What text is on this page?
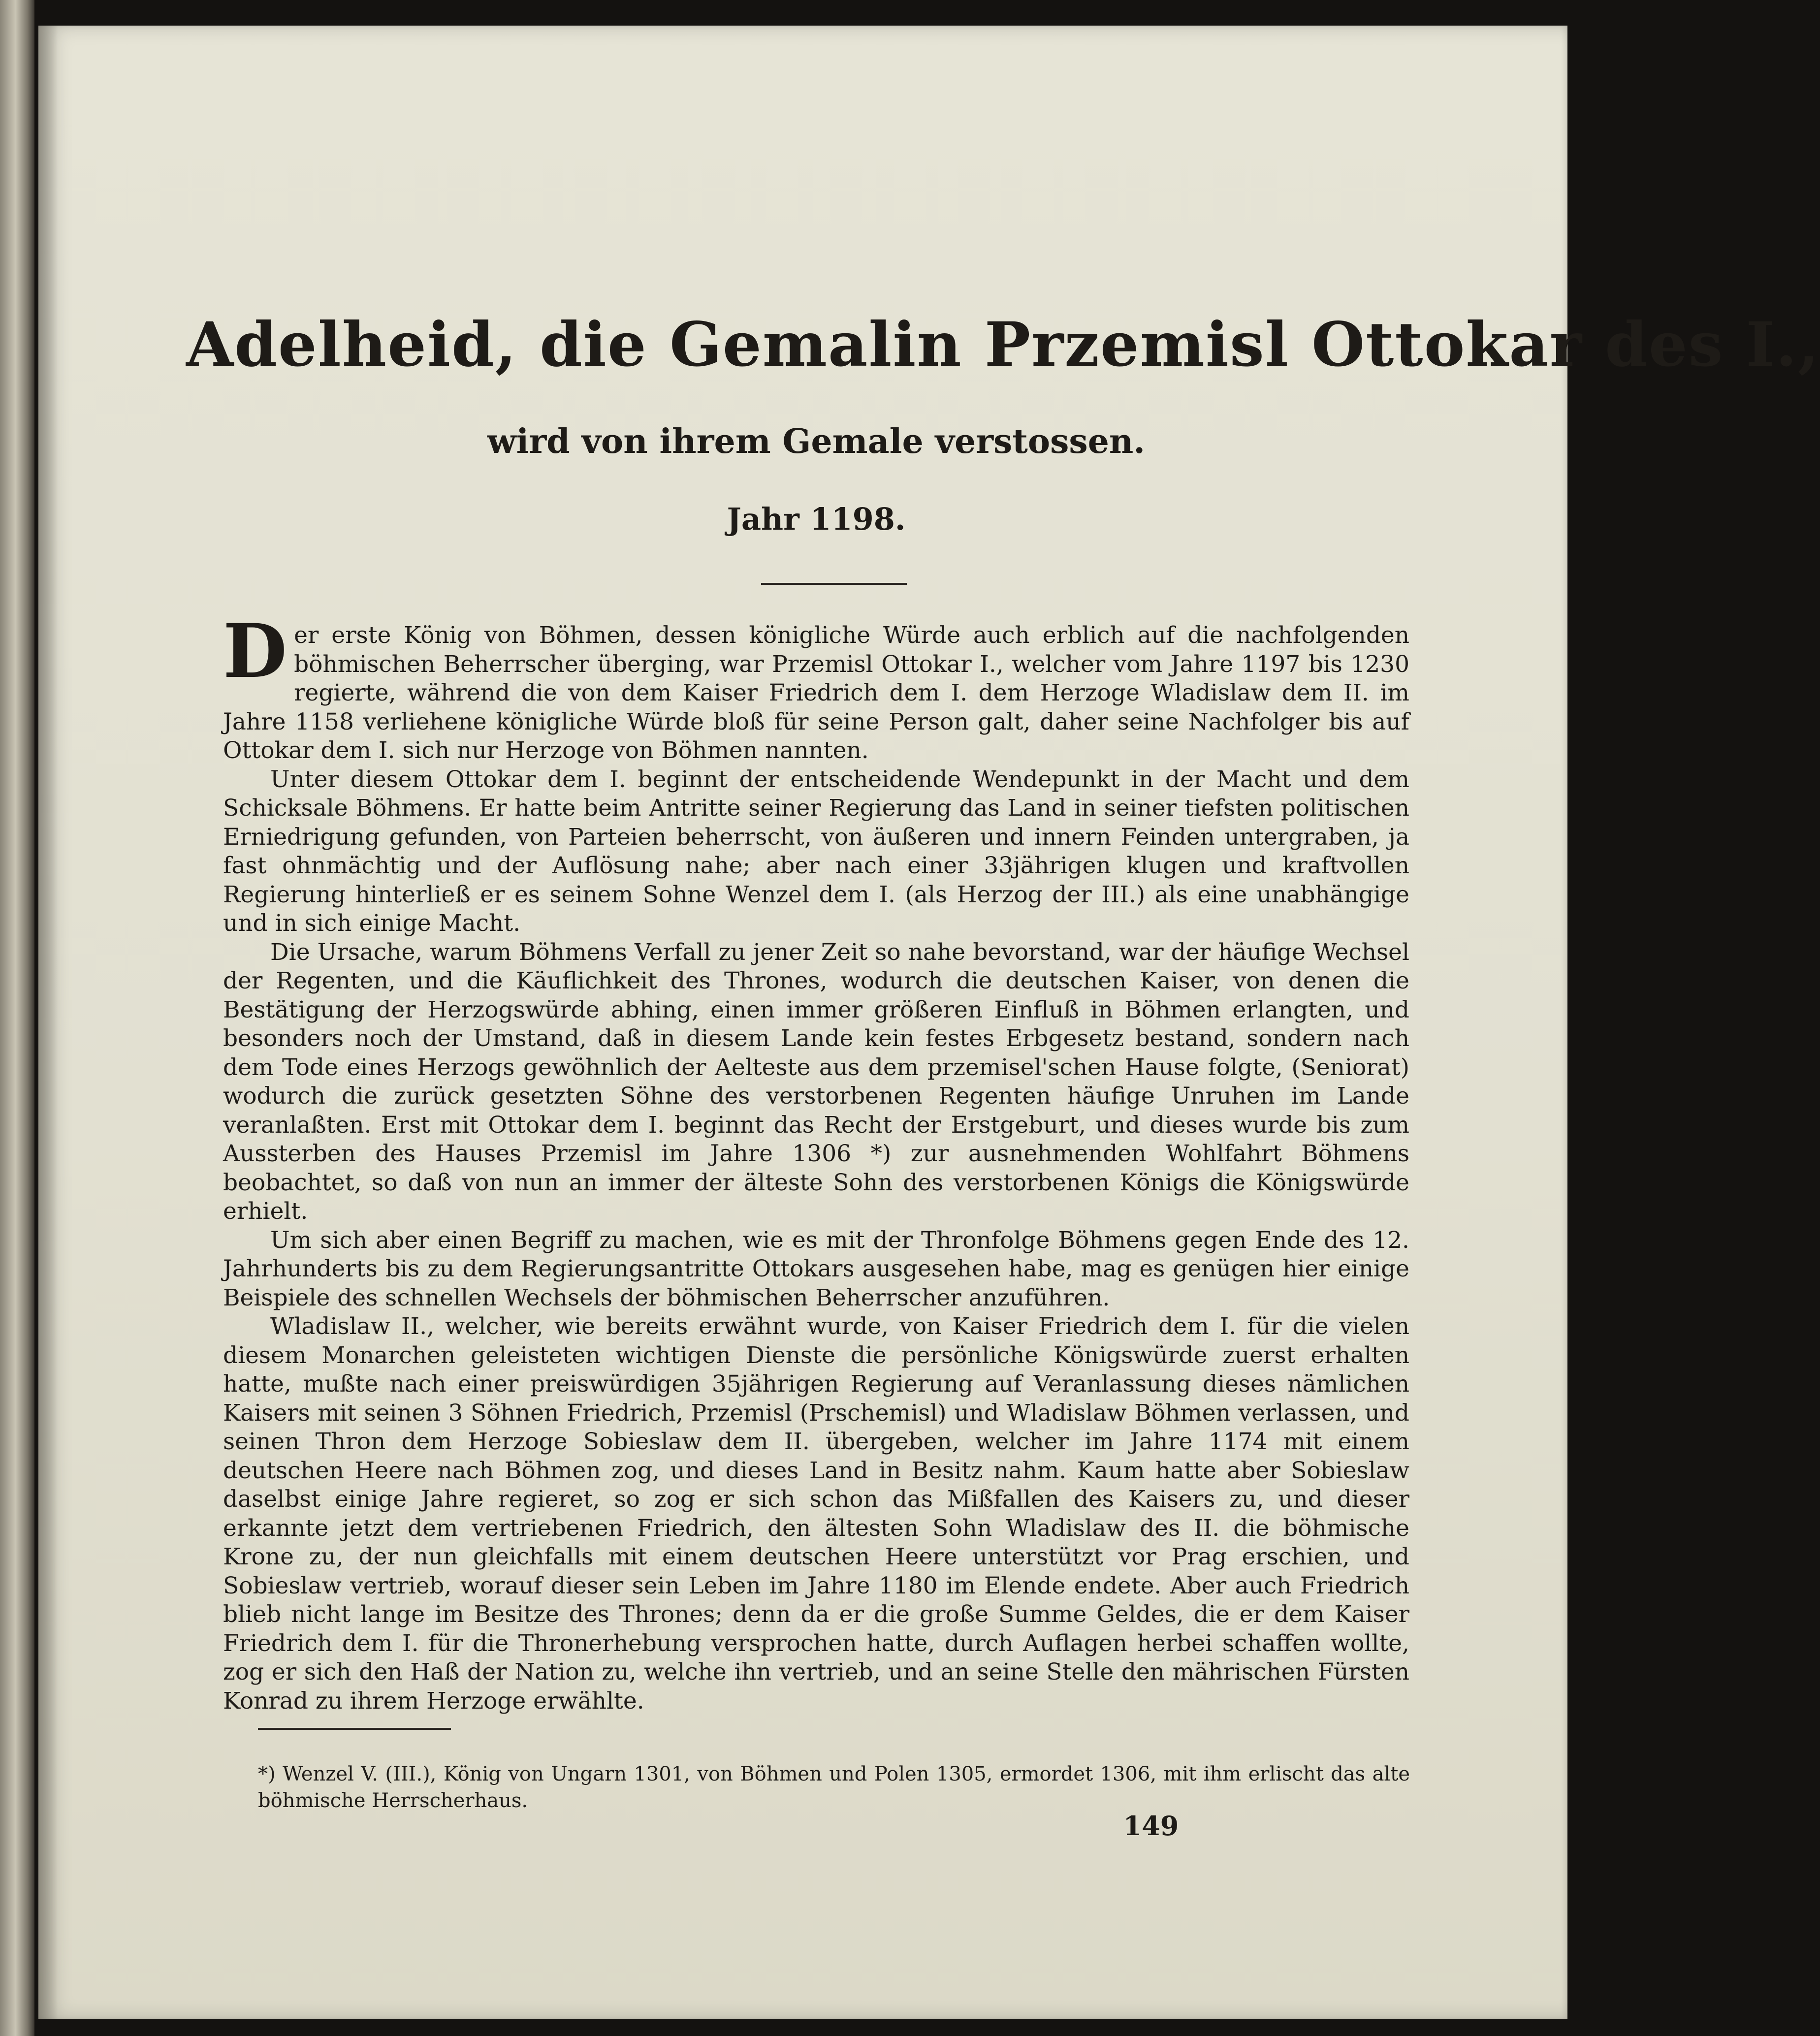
Adelheid, die Gemalin Przemisl Ottokar des I.,
wird von ihrem Gemale verstossen.
Jahr 1198.

Der erste König von Böhmen, dessen königliche Würde auch erblich auf die nachfolgenden böhmischen Beherrscher überging, war Przemisl Ottokar I., welcher vom Jahre 1197 bis 1230 regierte, während die von dem Kaiser Friedrich dem I. dem Herzoge Wladislaw dem II. im Jahre 1158 verliehene königliche Würde bloß für seine Person galt, daher seine Nachfolger bis auf Ottokar dem I. sich nur Herzoge von Böhmen nannten.

Unter diesem Ottokar dem I. beginnt der entscheidende Wendepunkt in der Macht und dem Schicksale Böhmens. Er hatte beim Antritte seiner Regierung das Land in seiner tiefsten politischen Erniedrigung gefunden, von Parteien beherrscht, von äußeren und innern Feinden untergraben, ja fast ohnmächtig und der Auflösung nahe; aber nach einer 33jährigen klugen und kraftvollen Regierung hinterließ er es seinem Sohne Wenzel dem I. (als Herzog der III.) als eine unabhängige und in sich einige Macht.

Die Ursache, warum Böhmens Verfall zu jener Zeit so nahe bevorstand, war der häufige Wechsel der Regenten, und die Käuflichkeit des Thrones, wodurch die deutschen Kaiser, von denen die Bestätigung der Herzogswürde abhing, einen immer größeren Einfluß in Böhmen erlangten, und besonders noch der Umstand, daß in diesem Lande kein festes Erbgesetz bestand, sondern nach dem Tode eines Herzogs gewöhnlich der Aelteste aus dem przemisel'schen Hause folgte, (Seniorat) wodurch die zurück gesetzten Söhne des verstorbenen Regenten häufige Unruhen im Lande veranlaßten. Erst mit Ottokar dem I. beginnt das Recht der Erstgeburt, und dieses wurde bis zum Aussterben des Hauses Przemisl im Jahre 1306 *) zur ausnehmenden Wohlfahrt Böhmens beobachtet, so daß von nun an immer der älteste Sohn des verstorbenen Königs die Königswürde erhielt.

Um sich aber einen Begriff zu machen, wie es mit der Thronfolge Böhmens gegen Ende des 12. Jahrhunderts bis zu dem Regierungsantritte Ottokars ausgesehen habe, mag es genügen hier einige Beispiele des schnellen Wechsels der böhmischen Beherrscher anzuführen.

Wladislaw II., welcher, wie bereits erwähnt wurde, von Kaiser Friedrich dem I. für die vielen diesem Monarchen geleisteten wichtigen Dienste die persönliche Königswürde zuerst erhalten hatte, mußte nach einer preiswürdigen 35jährigen Regierung auf Veranlassung dieses nämlichen Kaisers mit seinen 3 Söhnen Friedrich, Przemisl (Prschemisl) und Wladislaw Böhmen verlassen, und seinen Thron dem Herzoge Sobieslaw dem II. übergeben, welcher im Jahre 1174 mit einem deutschen Heere nach Böhmen zog, und dieses Land in Besitz nahm. Kaum hatte aber Sobieslaw daselbst einige Jahre regieret, so zog er sich schon das Mißfallen des Kaisers zu, und dieser erkannte jetzt dem vertriebenen Friedrich, den ältesten Sohn Wladislaw des II. die böhmische Krone zu, der nun gleichfalls mit einem deutschen Heere unterstützt vor Prag erschien, und Sobieslaw vertrieb, worauf dieser sein Leben im Jahre 1180 im Elende endete. Aber auch Friedrich blieb nicht lange im Besitze des Thrones; denn da er die große Summe Geldes, die er dem Kaiser Friedrich dem I. für die Thronerhebung versprochen hatte, durch Auflagen herbei schaffen wollte, zog er sich den Haß der Nation zu, welche ihn vertrieb, und an seine Stelle den mährischen Fürsten Konrad zu ihrem Herzoge erwählte.

*) Wenzel V. (III.), König von Ungarn 1301, von Böhmen und Polen 1305, ermordet 1306, mit ihm erlischt das alte böhmische Herrscherhaus.
149
